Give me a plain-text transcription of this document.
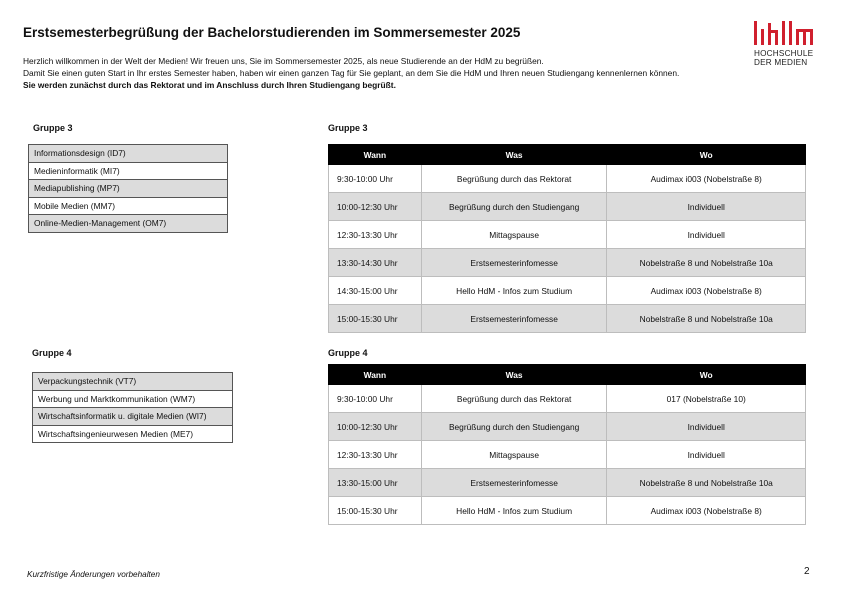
Erstsemesterbegrüßung der Bachelorstudierenden im Sommersemester 2025
Herzlich willkommen in der Welt der Medien! Wir freuen uns, Sie im Sommersemester 2025, als neue Studierende an der HdM zu begrüßen.
Damit Sie einen guten Start in Ihr erstes Semester haben, haben wir einen ganzen Tag für Sie geplant, an dem Sie die HdM und Ihren neuen Studiengang kennenlernen können.
Sie werden zunächst durch das Rektorat und im Anschluss durch Ihren Studiengang begrüßt.
HOCHSCHULE
DER MEDIEN
Gruppe 3
Informationsdesign (ID7)
Medieninformatik (MI7)
Mediapublishing (MP7)
Mobile Medien (MM7)
Online-Medien-Management (OM7)
Gruppe 3
Wann	Was	Wo
9:30-10:00 Uhr	Begrüßung durch das Rektorat	Audimax i003 (Nobelstraße 8)
10:00-12:30 Uhr	Begrüßung durch den Studiengang	Individuell
12:30-13:30 Uhr	Mittagspause	Individuell
13:30-14:30 Uhr	Erstsemesterinfomesse	Nobelstraße 8 und Nobelstraße 10a
14:30-15:00 Uhr	Hello HdM - Infos zum Studium	Audimax i003 (Nobelstraße 8)
15:00-15:30 Uhr	Erstsemesterinfomesse	Nobelstraße 8 und Nobelstraße 10a
Gruppe 4
Verpackungstechnik (VT7)
Werbung und Marktkommunikation (WM7)
Wirtschaftsinformatik u. digitale Medien (WI7)
Wirtschaftsingenieurwesen Medien (ME7)
Gruppe 4
Wann	Was	Wo
9:30-10:00 Uhr	Begrüßung durch das Rektorat	017 (Nobelstraße 10)
10:00-12:30 Uhr	Begrüßung durch den Studiengang	Individuell
12:30-13:30 Uhr	Mittagspause	Individuell
13:30-15:00 Uhr	Erstsemesterinfomesse	Nobelstraße 8 und Nobelstraße 10a
15:00-15:30 Uhr	Hello HdM - Infos zum Studium	Audimax i003 (Nobelstraße 8)
Kurzfristige Änderungen vorbehalten	2
